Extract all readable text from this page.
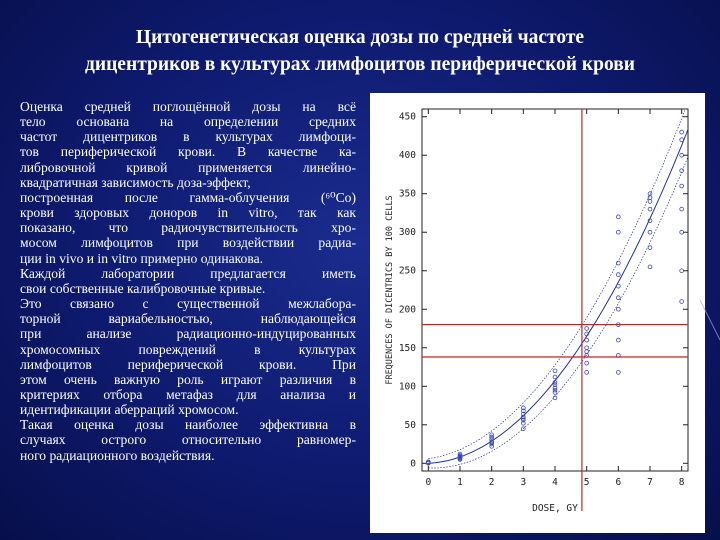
Цитогенетическая оценка дозы по средней частоте
дицентриков в культурах лимфоцитов периферической крови
Оценка средней поглощённой дозы на всё
тело основана на определении средних
частот дицентриков в культурах лимфоци-
тов периферической крови. В качестве ка-
либровочной кривой применяется линейно-
квадратичная зависимость доза-эффект,
построенная после гамма-облучения (⁶⁰Со)
крови здоровых доноров in vitro, так как
показано, что радиочувствительность хро-
мосом лимфоцитов при воздействии радиа-
ции in vivo и in vitro примерно одинакова.
Каждой лаборатории предлагается иметь
свои собственные калибровочные кривые.
Это связано с существенной межлабора-
торной вариабельностью, наблюдающейся
при анализе радиационно-индуцированных
хромосомных повреждений в культурах
лимфоцитов периферической крови. При
этом очень важную роль играют различия в
критериях отбора метафаз для анализа и
идентификации аберраций хромосом.
Такая оценка дозы наиболее эффективна в
случаях острого относительно равномер-
ного радиационного воздействия.
0
50
100
150
200
250
300
350
400
450
0	1	2	3	4	5	6	7	8
DOSE, GY
FREQUENCES OF DICENTRICS BY 100 CELLS
